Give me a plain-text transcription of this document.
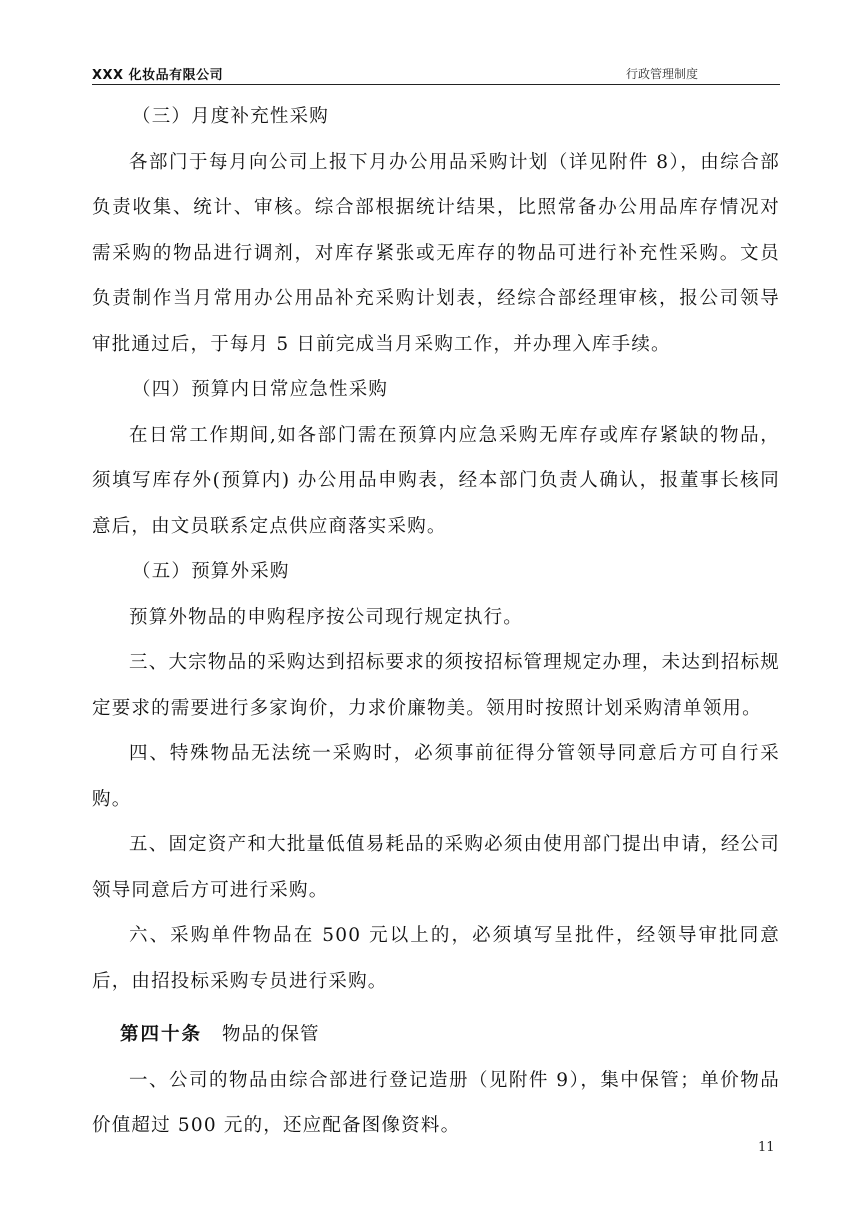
XXX 化妆品有限公司	行政管理制度

（三）月度补充性采购

各部门于每月向公司上报下月办公用品采购计划（详见附件 8），由综合部负责收集、统计、审核。综合部根据统计结果，比照常备办公用品库存情况对需采购的物品进行调剂，对库存紧张或无库存的物品可进行补充性采购。文员负责制作当月常用办公用品补充采购计划表，经综合部经理审核，报公司领导审批通过后，于每月 5 日前完成当月采购工作，并办理入库手续。

（四）预算内日常应急性采购

在日常工作期间,如各部门需在预算内应急采购无库存或库存紧缺的物品，须填写库存外(预算内) 办公用品申购表，经本部门负责人确认，报董事长核同意后，由文员联系定点供应商落实采购。

（五）预算外采购

预算外物品的申购程序按公司现行规定执行。

三、大宗物品的采购达到招标要求的须按招标管理规定办理，未达到招标规定要求的需要进行多家询价，力求价廉物美。领用时按照计划采购清单领用。

四、特殊物品无法统一采购时，必须事前征得分管领导同意后方可自行采购。

五、固定资产和大批量低值易耗品的采购必须由使用部门提出申请，经公司领导同意后方可进行采购。

六、采购单件物品在 500 元以上的，必须填写呈批件，经领导审批同意后，由招投标采购专员进行采购。

第四十条 物品的保管

一、公司的物品由综合部进行登记造册（见附件 9），集中保管；单价物品价值超过 500 元的，还应配备图像资料。

11
